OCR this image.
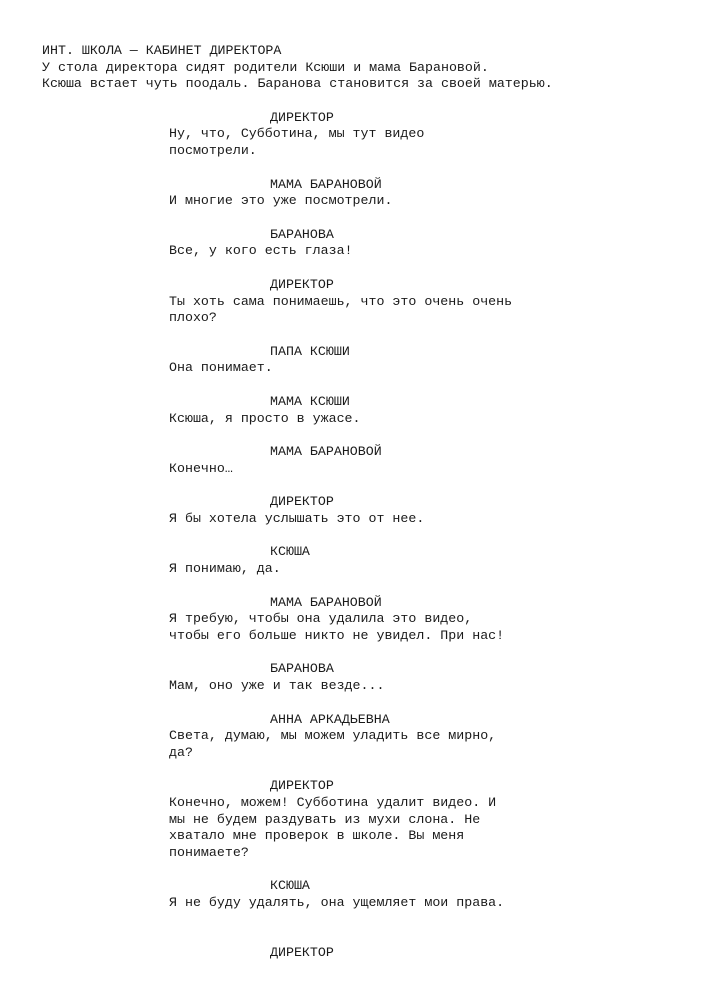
ИНТ. ШКОЛА — КАБИНЕТ ДИРЕКТОРА
У стола директора сидят родители Ксюши и мама Барановой.
Ксюша встает чуть поодаль. Баранова становится за своей матерью.
ДИРЕКТОР
Ну, что, Субботина, мы тут видео
посмотрели.
МАМА БАРАНОВОЙ
И многие это уже посмотрели.
БАРАНОВА
Все, у кого есть глаза!
ДИРЕКТОР
Ты хоть сама понимаешь, что это очень очень
плохо?
ПАПА КСЮШИ
Она понимает.
МАМА КСЮШИ
Ксюша, я просто в ужасе.
МАМА БАРАНОВОЙ
Конечно…
ДИРЕКТОР
Я бы хотела услышать это от нее.
КСЮША
Я понимаю, да.
МАМА БАРАНОВОЙ
Я требую, чтобы она удалила это видео,
чтобы его больше никто не увидел. При нас!
БАРАНОВА
Мам, оно уже и так везде...
АННА АРКАДЬЕВНА
Света, думаю, мы можем уладить все мирно,
да?
ДИРЕКТОР
Конечно, можем! Субботина удалит видео. И
мы не будем раздувать из мухи слона. Не
хватало мне проверок в школе. Вы меня
понимаете?
КСЮША
Я не буду удалять, она ущемляет мои права.
ДИРЕКТОР
